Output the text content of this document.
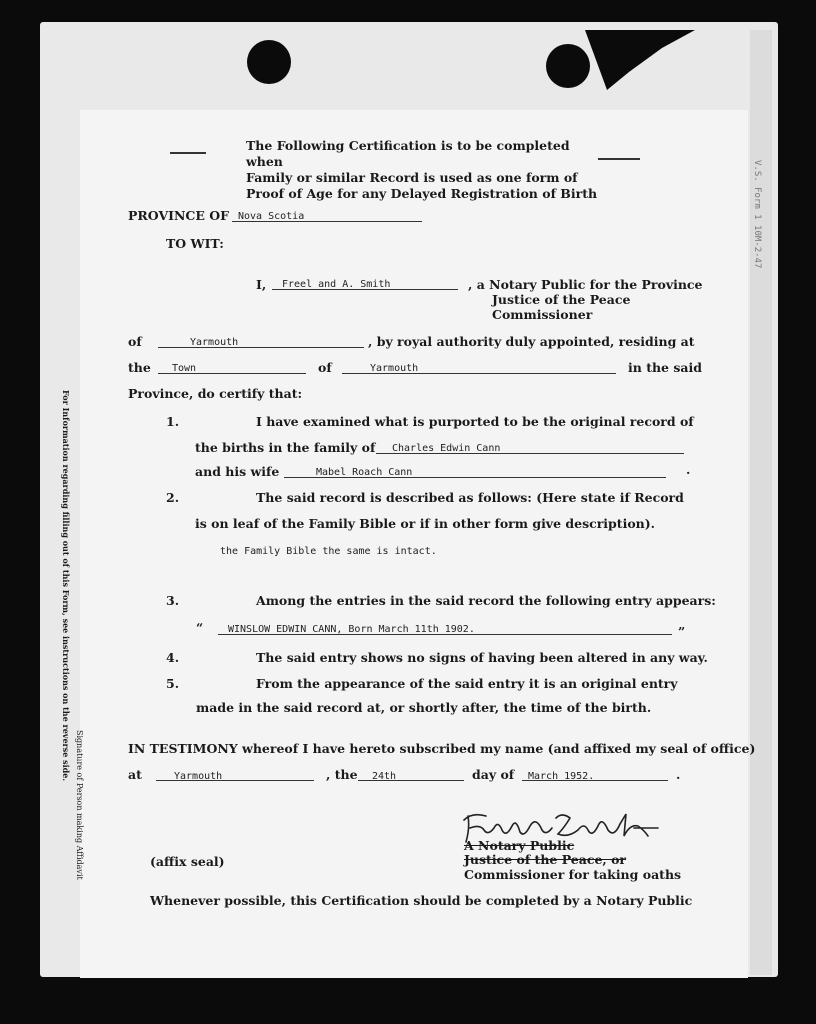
V.S. Form 1 10M-2-47
For Information regarding filling out of this Form, see instructions on the reverse side.
Signature of Person making Affidavit
The Following Certification is to be completed when
Family or similar Record is used as one form of
Proof of Age for any Delayed Registration of Birth
PROVINCE OF Nova Scotia
TO WIT:
I, Freel and A. Smith	, a Notary Public for the Province
Justice of the Peace
Commissioner
of	Yarmouth	, by royal authority duly appointed, residing at
the Town	of	Yarmouth	in the said
Province, do certify that:
1.	I have examined what is purported to be the original record of
the births in the family of Charles Edwin Cann
and his wife	Mabel Roach Cann	.
2.	The said record is described as follows: (Here state if Record
is on leaf of the Family Bible or if in other form give description).
the Family Bible the same is intact.
3.	Among the entries in the said record the following entry appears:
“ WINSLOW EDWIN CANN, Born March 11th 1902.	”
4.	The said entry shows no signs of having been altered in any way.
5.	From the appearance of the said entry it is an original entry
made in the said record at, or shortly after, the time of the birth.
IN TESTIMONY whereof I have hereto subscribed my name (and affixed my seal of office)
at	Yarmouth	, the 24th	day of March 1952.	.
A Notary Public
Justice of the Peace, or
Commissioner for taking oaths
(affix seal)
Whenever possible, this Certification should be completed by a Notary Public
